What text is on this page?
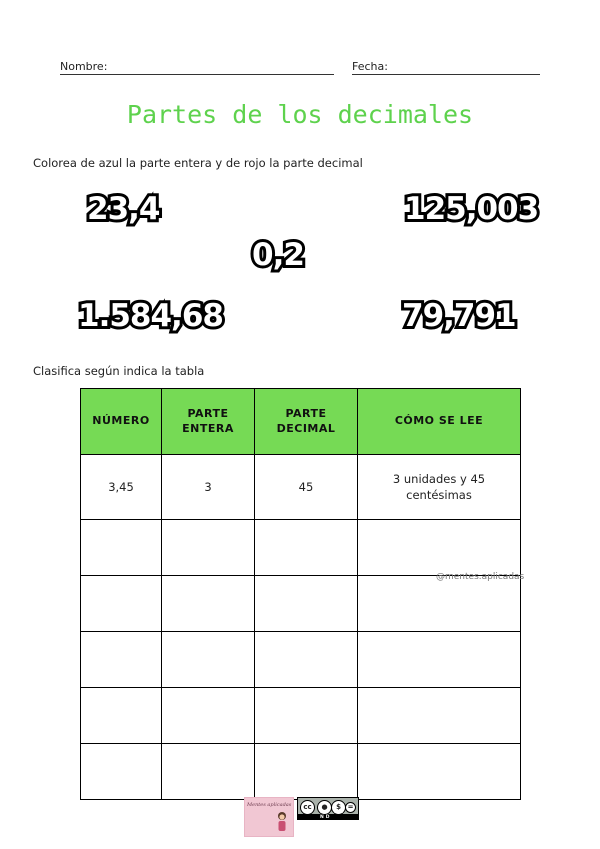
Nombre:	Fecha:
Partes de los decimales
Colorea de azul la parte entera y de rojo la parte decimal
23,4	125,003
0,2
1.584,68	79,791
Clasifica según indica la tabla
NÚMERO	PARTE ENTERA	PARTE DECIMAL	CÓMO SE LEE
3,45	3	45	3 unidades y 45 centésimas

@mentes.aplicadas
Mentes aplicadas	cc	●	$ =
BY NC ND
